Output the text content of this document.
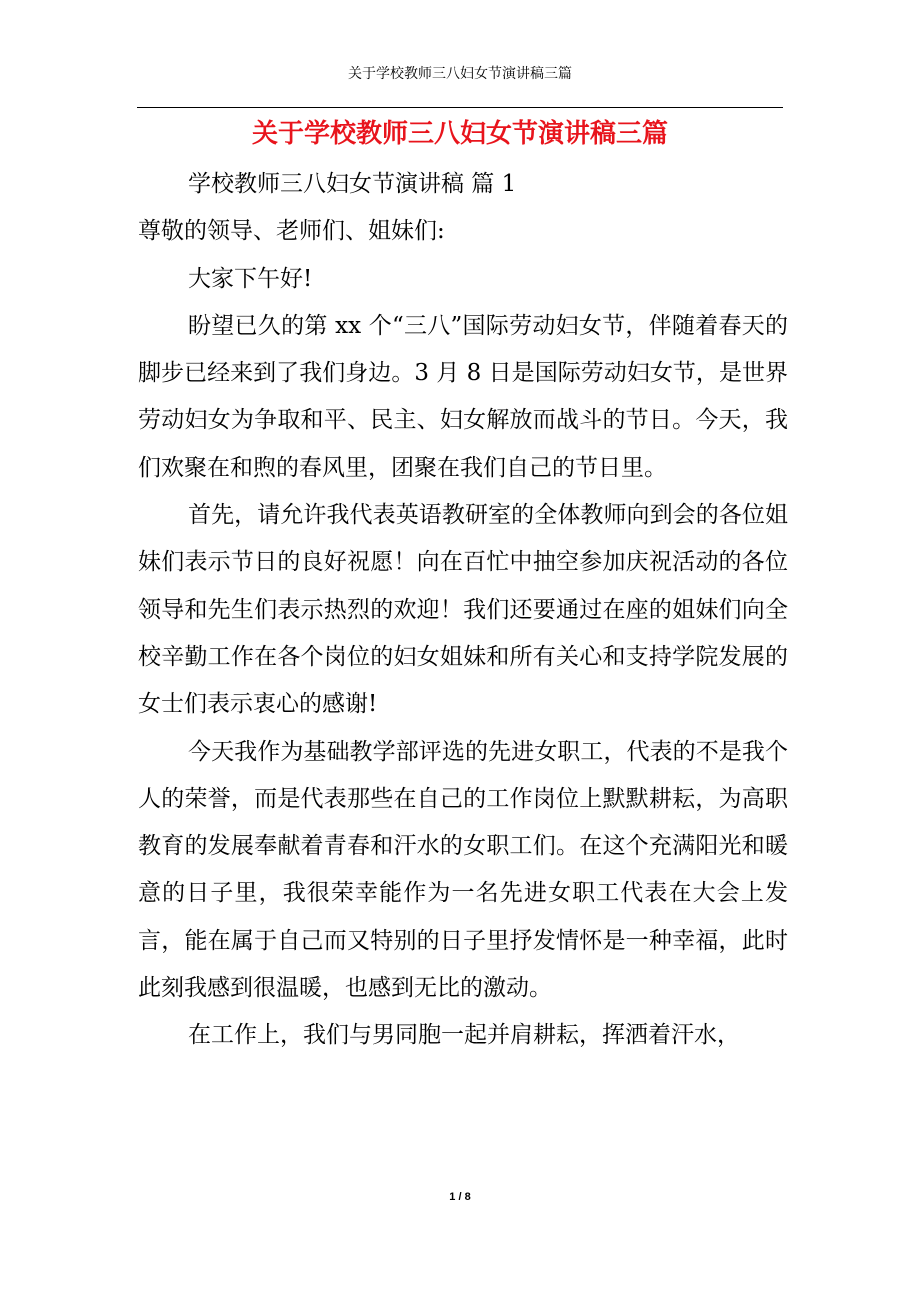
关于学校教师三八妇女节演讲稿三篇
关于学校教师三八妇女节演讲稿三篇

学校教师三八妇女节演讲稿 篇 1

尊敬的领导、老师们、姐妹们:

大家下午好!

盼望已久的第 xx 个“三八”国际劳动妇女节，伴随着春天的脚步已经来到了我们身边。3 月 8 日是国际劳动妇女节，是世界劳动妇女为争取和平、民主、妇女解放而战斗的节日。今天，我们欢聚在和煦的春风里，团聚在我们自己的节日里。

首先，请允许我代表英语教研室的全体教师向到会的各位姐妹们表示节日的良好祝愿！向在百忙中抽空参加庆祝活动的各位领导和先生们表示热烈的欢迎！我们还要通过在座的姐妹们向全校辛勤工作在各个岗位的妇女姐妹和所有关心和支持学院发展的女士们表示衷心的感谢!

今天我作为基础教学部评选的先进女职工，代表的不是我个人的荣誉，而是代表那些在自己的工作岗位上默默耕耘，为高职教育的发展奉献着青春和汗水的女职工们。在这个充满阳光和暖意的日子里，我很荣幸能作为一名先进女职工代表在大会上发言，能在属于自己而又特别的日子里抒发情怀是一种幸福，此时此刻我感到很温暖，也感到无比的激动。

在工作上，我们与男同胞一起并肩耕耘，挥洒着汗水，

1 / 8
